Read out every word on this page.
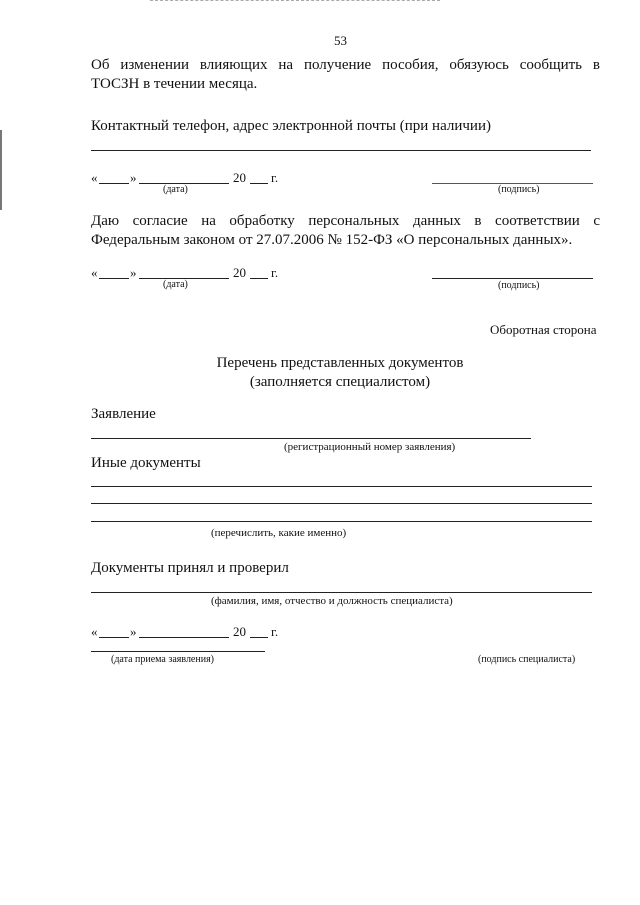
53
Об изменении влияющих на получение пособия, обязуюсь сообщить в
ТОСЗН в течении месяца.
Контактный телефон, адрес электронной почты (при наличии)
«	»	20 г.
(дата)	(подпись)
Даю согласие на обработку персональных данных в соответствии с
Федеральным законом от 27.07.2006 № 152-ФЗ «О персональных данных».
«	»	20 г.
(дата)	(подпись)
Оборотная сторона
Перечень представленных документов
(заполняется специалистом)
Заявление
(регистрационный номер заявления)
Иные документы
(перечислить, какие именно)
Документы принял и проверил
(фамилия, имя, отчество и должность специалиста)
«	»	20 г.
(дата приема заявления)	(подпись специалиста)
